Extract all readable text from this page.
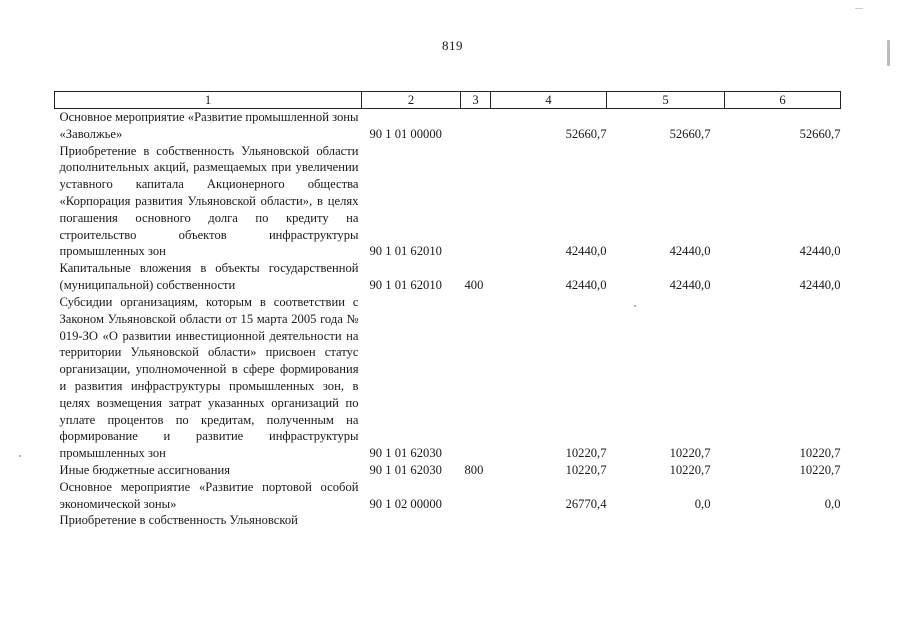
819
1	2	3	4	5	6
Основное мероприятие «Развитие промышленной зоны «Заволжье»	90 1 01 00000		52660,7	52660,7	52660,7
Приобретение в собственность Ульяновской области дополнительных акций, размещаемых при увеличении уставного капитала Акционерного общества «Корпорация развития Ульяновской области», в целях погашения основного долга по кредиту на строительство объектов инфраструктуры промышленных зон	90 1 01 62010		42440,0	42440,0	42440,0
Капитальные вложения в объекты государственной (муниципальной) собственности	90 1 01 62010	400	42440,0	42440,0	42440,0
Субсидии организациям, которым в соответствии с Законом Ульяновской области от 15 марта 2005 года № 019-ЗО «О развитии инвестиционной деятельности на территории Ульяновской области» присвоен статус организации, уполномоченной в сфере формирования и развития инфраструктуры промышленных зон, в целях возмещения затрат указанных организаций по уплате процентов по кредитам, полученным на формирование и развитие инфраструктуры промышленных зон	90 1 01 62030		10220,7	10220,7	10220,7
Иные бюджетные ассигнования	90 1 01 62030	800	10220,7	10220,7	10220,7
Основное мероприятие «Развитие портовой особой экономической зоны»	90 1 02 00000		26770,4	0,0	0,0
Приобретение в собственность Ульяновской					
